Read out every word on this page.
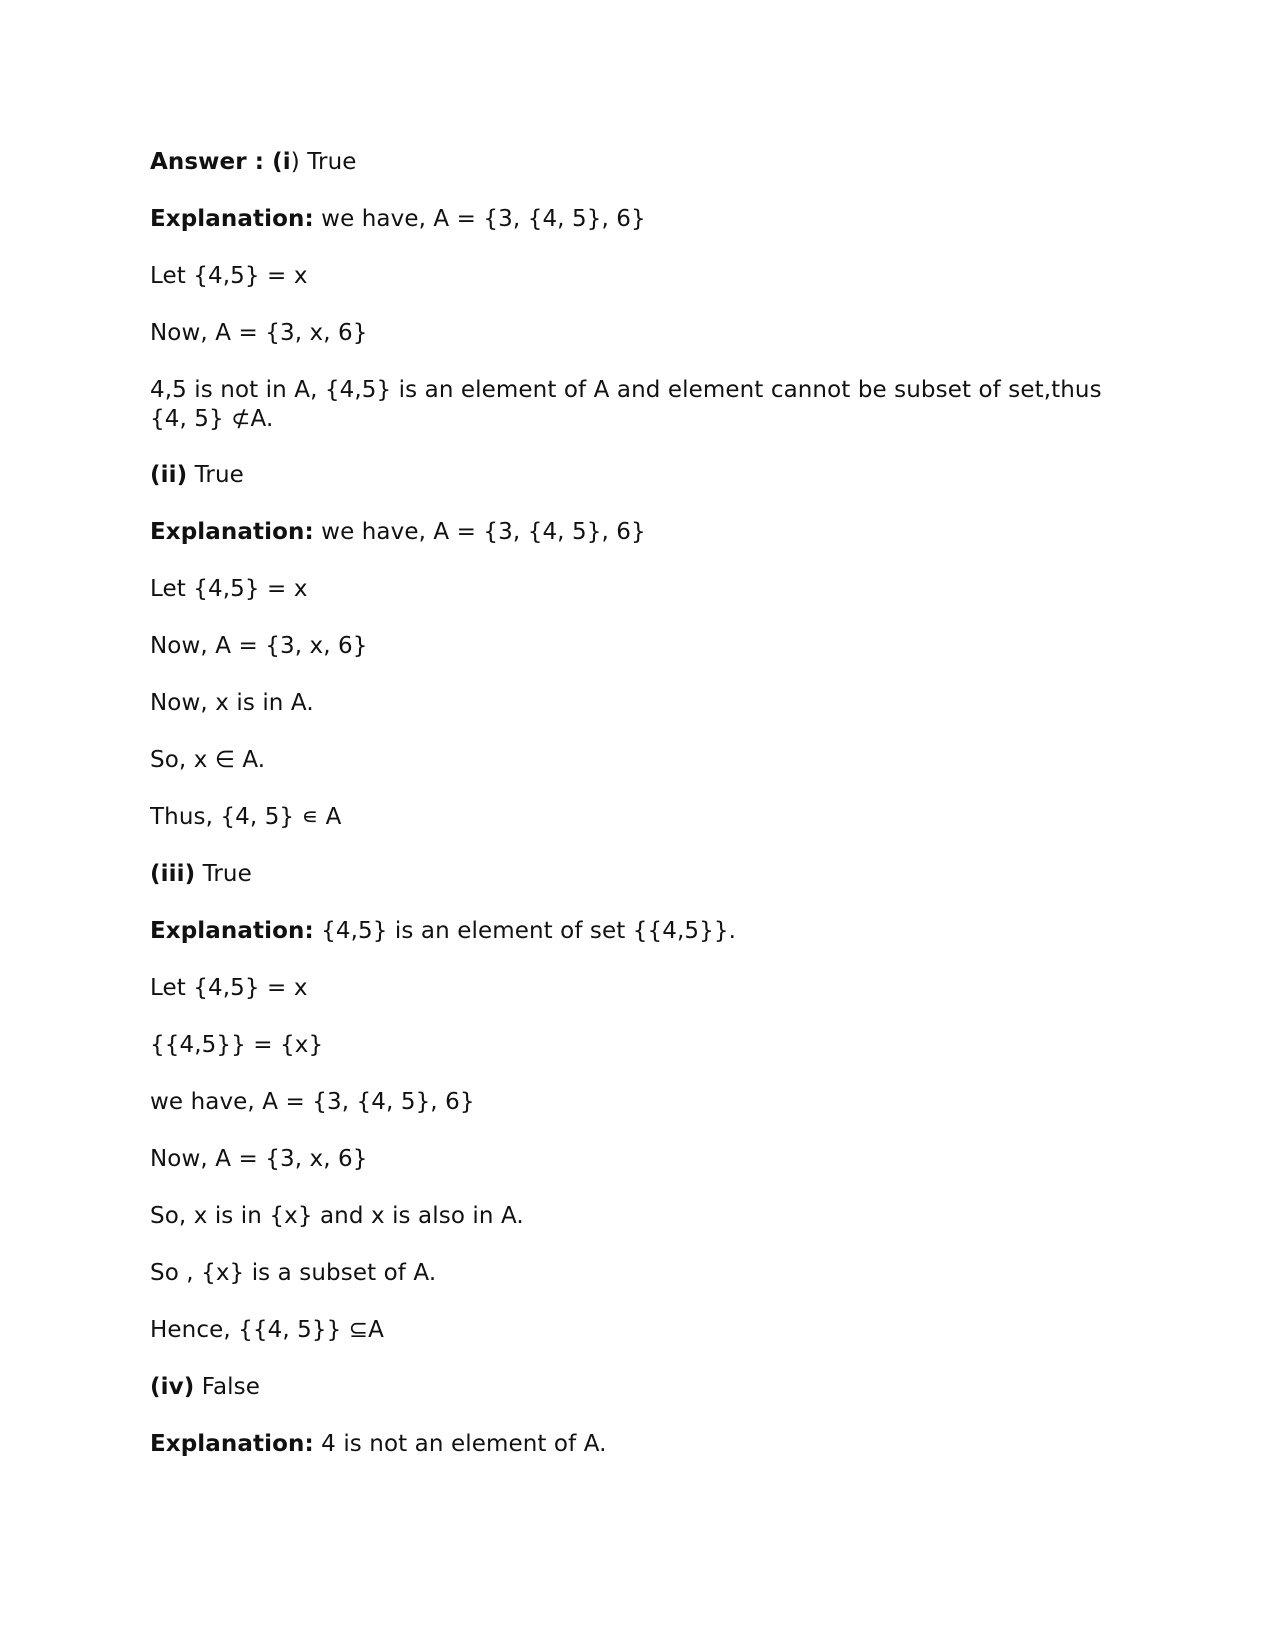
Answer : (i) True
Explanation: we have, A = {3, {4, 5}, 6}
Let {4,5} = x
Now, A = {3, x, 6}
4,5 is not in A, {4,5} is an element of A and element cannot be subset of set,thus {4, 5} ⊄A.
(ii) True
Explanation: we have, A = {3, {4, 5}, 6}
Let {4,5} = x
Now, A = {3, x, 6}
Now, x is in A.
So, x ∈ A.
Thus, {4, 5} ∊ A
(iii) True
Explanation: {4,5} is an element of set {{4,5}}.
Let {4,5} = x
{{4,5}} = {x}
we have, A = {3, {4, 5}, 6}
Now, A = {3, x, 6}
So, x is in {x} and x is also in A.
So , {x} is a subset of A.
Hence, {{4, 5}} ⊆A
(iv) False
Explanation: 4 is not an element of A.
